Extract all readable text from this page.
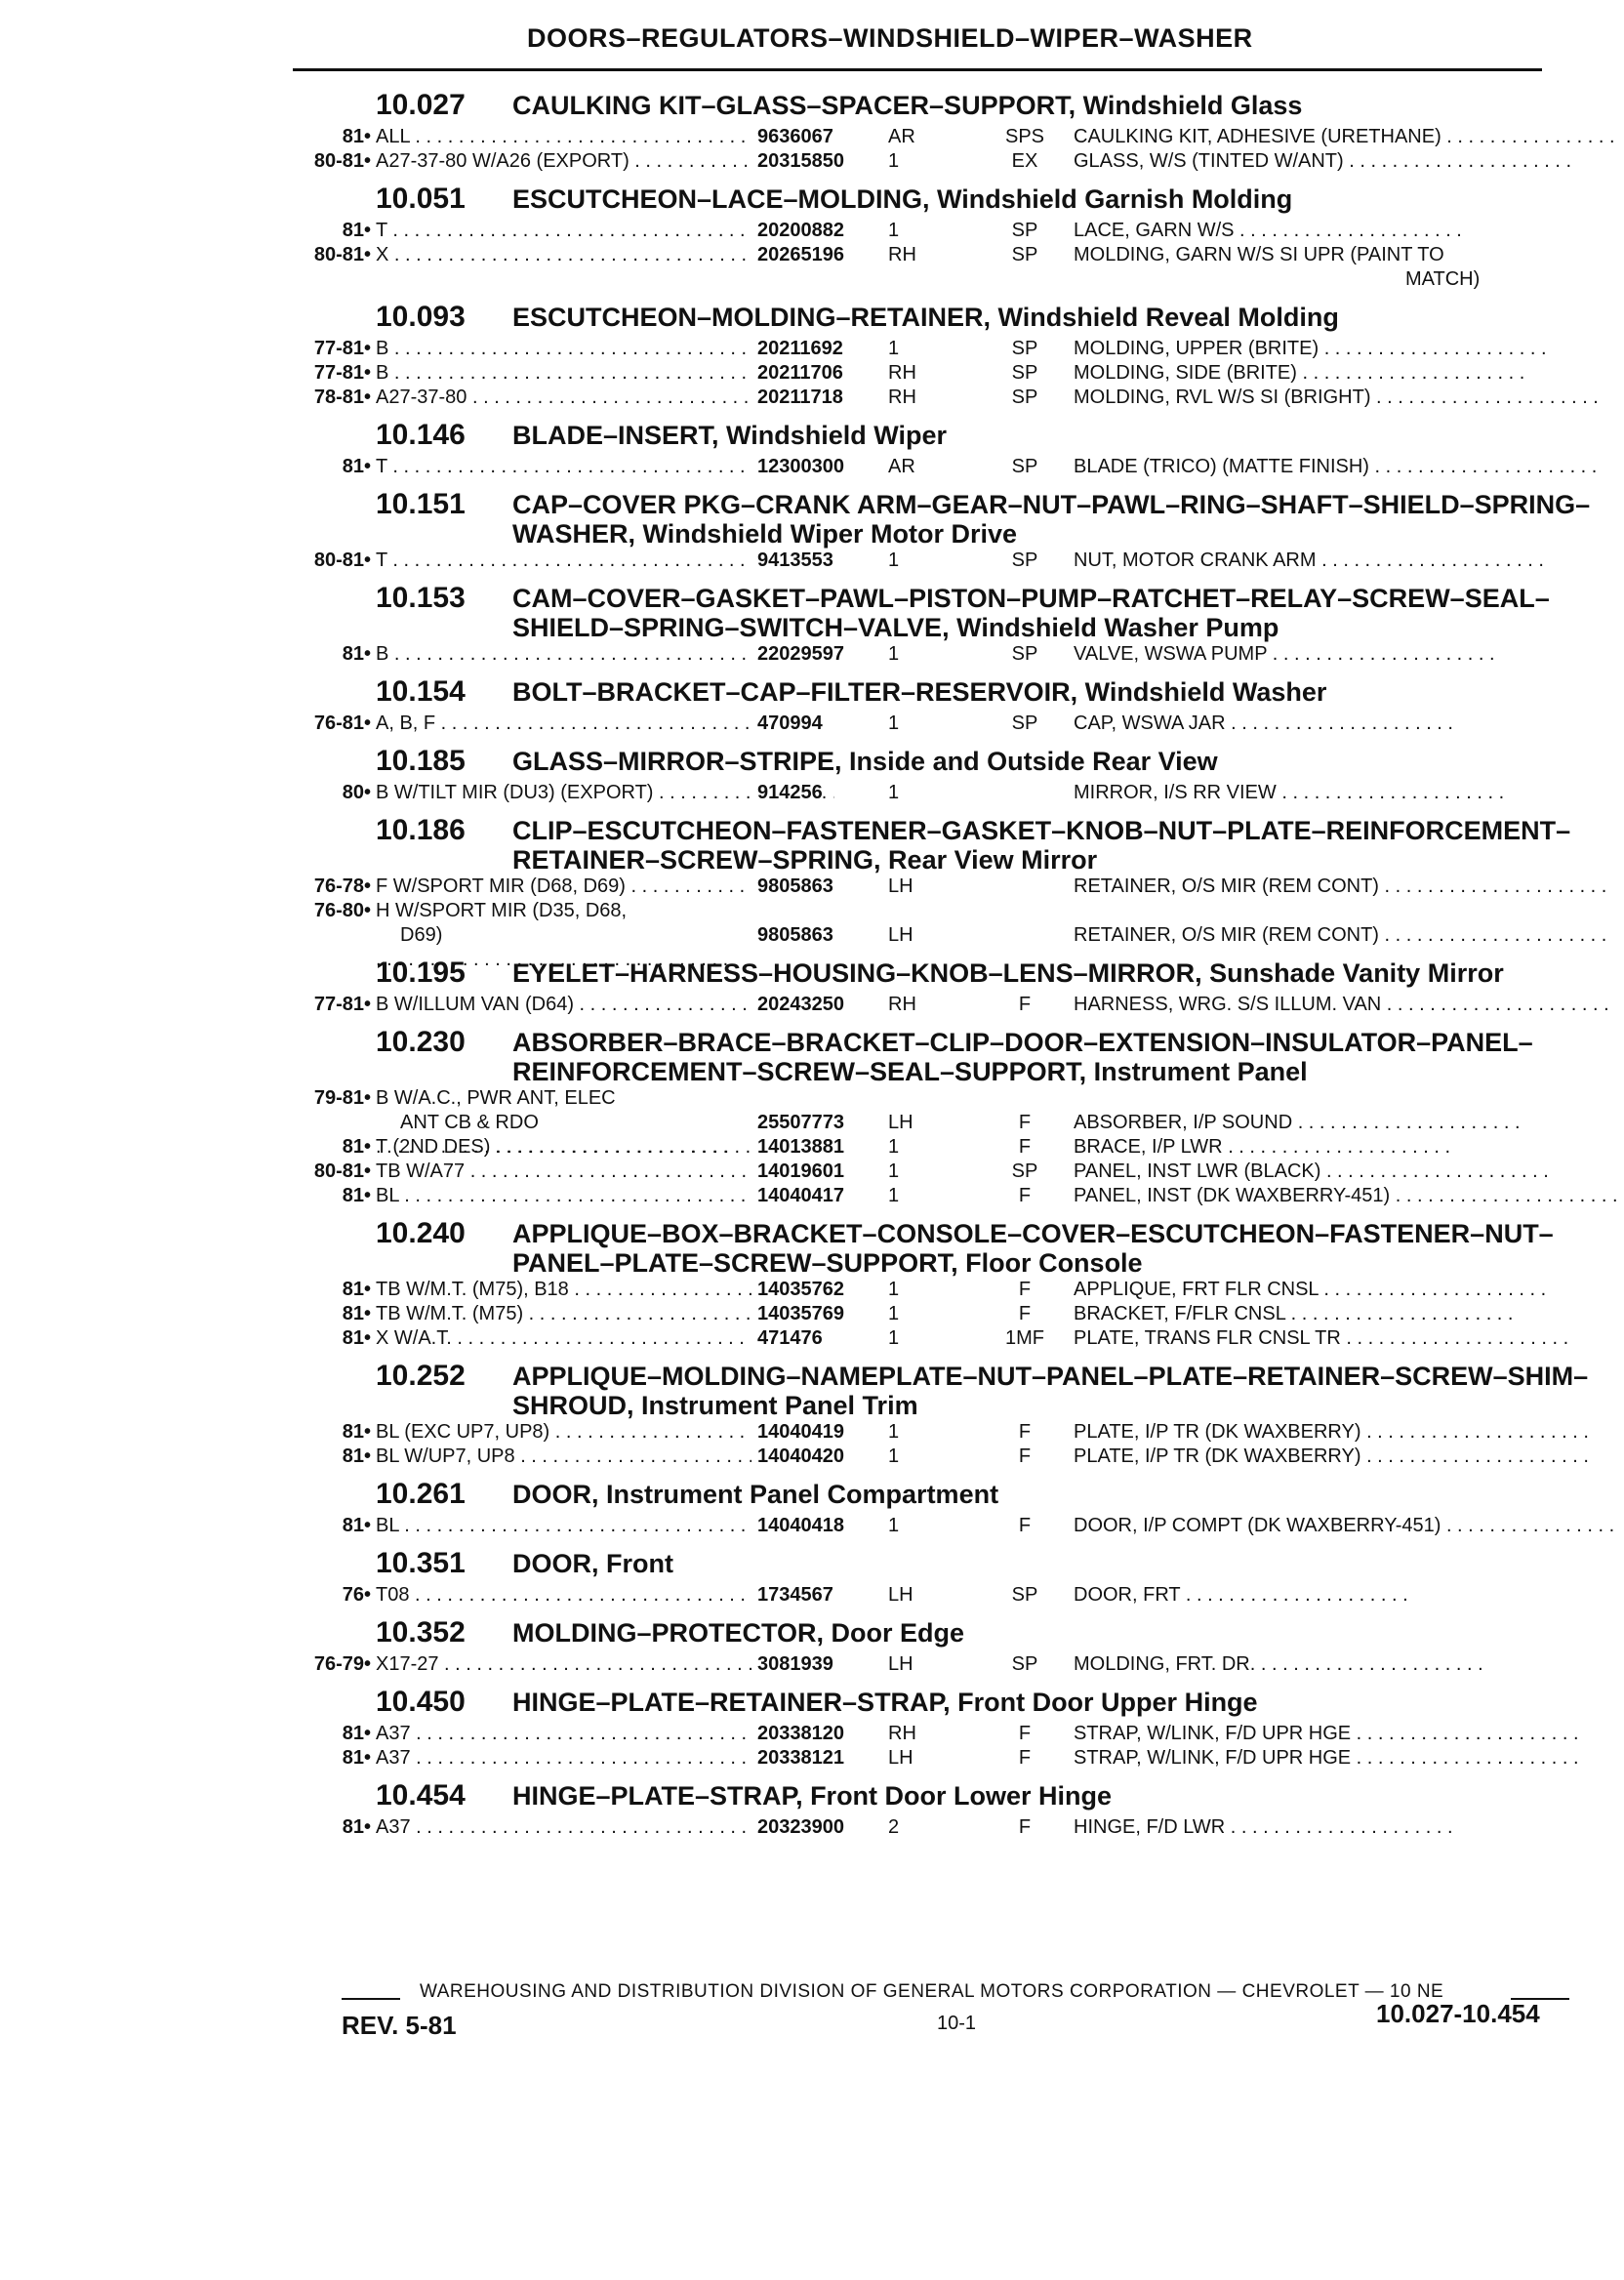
DOORS–REGULATORS–WINDSHIELD–WIPER–WASHER
10.027	CAULKING KIT–GLASS–SPACER–SUPPORT, Windshield Glass
81• ALL . . .	9636067	AR	SPS	CAULKING KIT, ADHESIVE (URETHANE) . . .
80-81• A27-37-80 W/A26 (EXPORT) . . .	20315850 1	EX	GLASS, W/S (TINTED W/ANT) . . .
10.051	ESCUTCHEON–LACE–MOLDING, Windshield Garnish Molding
81• T . . .	20200882 1	SP	LACE, GARN W/S . . .
80-81• X . . .	20265196 RH	SP	MOLDING, GARN W/S SI UPR (PAINT TO
MATCH)
10.093	ESCUTCHEON–MOLDING–RETAINER, Windshield Reveal Molding
77-81• B . . .	20211692 1	SP	MOLDING, UPPER (BRITE) . . .
77-81• B . . .	20211706 RH	SP	MOLDING, SIDE (BRITE) . . .
78-81• A27-37-80 . . .	20211718 RH	SP	MOLDING, RVL W/S SI (BRIGHT) . . .
10.146	BLADE–INSERT, Windshield Wiper
81• T . . .	12300300 AR	SP	BLADE (TRICO) (MATTE FINISH) . . .
10.151	CAP–COVER PKG–CRANK ARM–GEAR–NUT–PAWL–RING–SHAFT–SHIELD–SPRING–WASHER, Windshield Wiper Motor Drive
80-81• T . . .	9413553	1	SP	NUT, MOTOR CRANK ARM . . .
10.153	CAM–COVER–GASKET–PAWL–PISTON–PUMP–RATCHET–RELAY–SCREW–SEAL–SHIELD–SPRING–SWITCH–VALVE, Windshield Washer Pump
81• B . . .	22029597 1	SP	VALVE, WSWA PUMP . . .
10.154	BOLT–BRACKET–CAP–FILTER–RESERVOIR, Windshield Washer
76-81• A, B, F . . .	470994	1	SP	CAP, WSWA JAR . . .
10.185	GLASS–MIRROR–STRIPE, Inside and Outside Rear View
80• B W/TILT MIR (DU3) (EXPORT) . . .	914256	1	MIRROR, I/S RR VIEW . . .
10.186	CLIP–ESCUTCHEON–FASTENER–GASKET–KNOB–NUT–PLATE–REINFORCEMENT–RETAINER–SCREW–SPRING, Rear View Mirror
76-78• F W/SPORT MIR (D68, D69) . . .	9805863	LH	RETAINER, O/S MIR (REM CONT) . . .
76-80• H W/SPORT MIR (D35, D68,
D69)
. . .	9805863	LH	RETAINER, O/S MIR (REM CONT) . . .
10.195	EYELET–HARNESS–HOUSING–KNOB–LENS–MIRROR, Sunshade Vanity Mirror
77-81• B W/ILLUM VAN (D64) . . .	20243250 RH	F	HARNESS, WRG. S/S ILLUM. VAN . . .
10.230	ABSORBER–BRACE–BRACKET–CLIP–DOOR–EXTENSION–INSULATOR–PANEL–REINFORCEMENT–SCREW–SEAL–SUPPORT, Instrument Panel
79-81• B W/A.C., PWR ANT, ELEC
ANT CB & RDO
. . .	25507773 LH	F	ABSORBER, I/P SOUND . . .
81• T (2ND DES) . . .	14013881 1	F	BRACE, I/P LWR . . .
80-81• TB W/A77 . . .	14019601 1	SP	PANEL, INST LWR (BLACK) . . .
81• BL . . .	14040417 1	F	PANEL, INST (DK WAXBERRY-451) . . .
10.240	APPLIQUE–BOX–BRACKET–CONSOLE–COVER–ESCUTCHEON–FASTENER–NUT–PANEL–PLATE–SCREW–SUPPORT, Floor Console
81• TB W/M.T. (M75), B18 . . .	14035762 1	F	APPLIQUE, FRT FLR CNSL . . .
81• TB W/M.T. (M75) . . .	14035769 1	F	BRACKET, F/FLR CNSL . . .
81• X W/A.T. . . .	471476	1	1MF	PLATE, TRANS FLR CNSL TR . . .
10.252	APPLIQUE–MOLDING–NAMEPLATE–NUT–PANEL–PLATE–RETAINER–SCREW–SHIM–SHROUD, Instrument Panel Trim
81• BL (EXC UP7, UP8) . . .	14040419 1	F	PLATE, I/P TR (DK WAXBERRY) . . .
81• BL W/UP7, UP8 . . .	14040420 1	F	PLATE, I/P TR (DK WAXBERRY) . . .
10.261	DOOR, Instrument Panel Compartment
81• BL . . .	14040418 1	F	DOOR, I/P COMPT (DK WAXBERRY-451) . . .
10.351	DOOR, Front
76• T08 . . .	1734567	LH	SP	DOOR, FRT . . .
10.352	MOLDING–PROTECTOR, Door Edge
76-79• X17-27 . . .	3081939	LH	SP	MOLDING, FRT. DR. . . .
10.450	HINGE–PLATE–RETAINER–STRAP, Front Door Upper Hinge
81• A37 . . .	20338120 RH	F	STRAP, W/LINK, F/D UPR HGE . . .
81• A37 . . .	20338121 LH	F	STRAP, W/LINK, F/D UPR HGE . . .
10.454	HINGE–PLATE–STRAP, Front Door Lower Hinge
81• A37 . . .	20323900 2	F	HINGE, F/D LWR . . .
WAREHOUSING AND DISTRIBUTION DIVISION OF GENERAL MOTORS CORPORATION — CHEVROLET — 10 NE
REV. 5-81	10-1	10.027-10.454
